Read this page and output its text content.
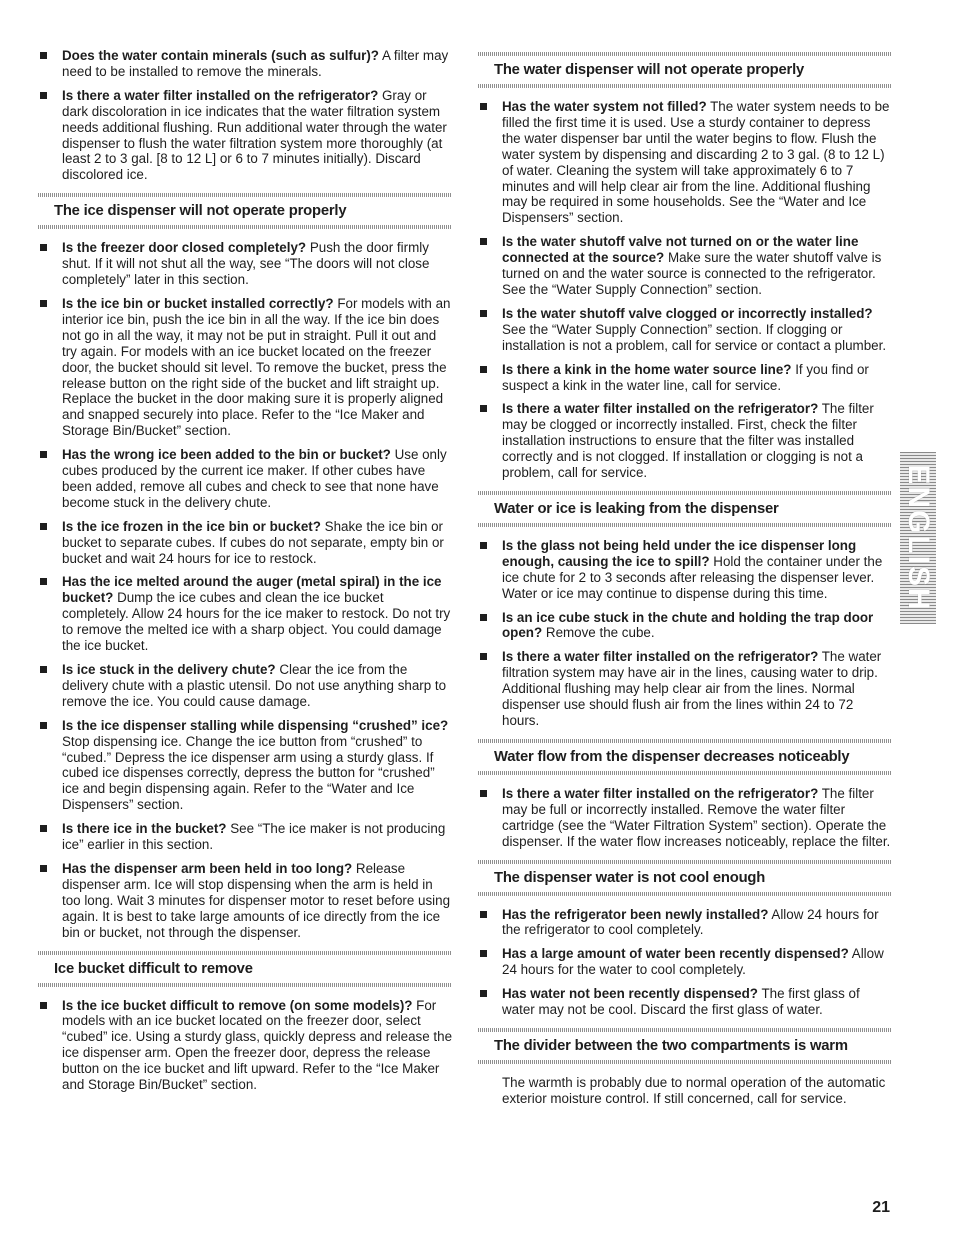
Does the water contain minerals (such as sulfur)? A filter may need to be installed to remove the minerals.
Is there a water filter installed on the refrigerator? Gray or dark discoloration in ice indicates that the water filtration system needs additional flushing. Run additional water through the water dispenser to flush the water filtration system more thoroughly (at least 2 to 3 gal. [8 to 12 L] or 6 to 7 minutes initially). Discard discolored ice.
The ice dispenser will not operate properly
Is the freezer door closed completely? Push the door firmly shut. If it will not shut all the way, see “The doors will not close completely” later in this section.
Is the ice bin or bucket installed correctly? For models with an interior ice bin, push the ice bin in all the way. If the ice bin does not go in all the way, it may not be put in straight. Pull it out and try again. For models with an ice bucket located on the freezer door, the bucket should sit level. To remove the bucket, press the release button on the right side of the bucket and lift straight up. Replace the bucket in the door making sure it is properly aligned and snapped securely into place. Refer to the “Ice Maker and Storage Bin/Bucket” section.
Has the wrong ice been added to the bin or bucket? Use only cubes produced by the current ice maker. If other cubes have been added, remove all cubes and check to see that none have become stuck in the delivery chute.
Is the ice frozen in the ice bin or bucket? Shake the ice bin or bucket to separate cubes. If cubes do not separate, empty bin or bucket and wait 24 hours for ice to restock.
Has the ice melted around the auger (metal spiral) in the ice bucket? Dump the ice cubes and clean the ice bucket completely. Allow 24 hours for the ice maker to restock. Do not try to remove the melted ice with a sharp object. You could damage the ice bucket.
Is ice stuck in the delivery chute? Clear the ice from the delivery chute with a plastic utensil. Do not use anything sharp to remove the ice. You could cause damage.
Is the ice dispenser stalling while dispensing “crushed” ice? Stop dispensing ice. Change the ice button from “crushed” to “cubed.” Depress the ice dispenser arm using a sturdy glass. If cubed ice dispenses correctly, depress the button for “crushed” ice and begin dispensing again. Refer to the “Water and Ice Dispensers” section.
Is there ice in the bucket? See “The ice maker is not producing ice” earlier in this section.
Has the dispenser arm been held in too long? Release dispenser arm. Ice will stop dispensing when the arm is held in too long. Wait 3 minutes for dispenser motor to reset before using again. It is best to take large amounts of ice directly from the ice bin or bucket, not through the dispenser.
Ice bucket difficult to remove
Is the ice bucket difficult to remove (on some models)? For models with an ice bucket located on the freezer door, select “cubed” ice. Using a sturdy glass, quickly depress and release the ice dispenser arm. Open the freezer door, depress the release button on the ice bucket and lift upward. Refer to the “Ice Maker and Storage Bin/Bucket” section.
The water dispenser will not operate properly
Has the water system not filled? The water system needs to be filled the first time it is used. Use a sturdy container to depress the water dispenser bar until the water begins to flow. Flush the water system by dispensing and discarding 2 to 3 gal. (8 to 12 L) of water. Cleaning the system will take approximately 6 to 7 minutes and will help clear air from the line. Additional flushing may be required in some households. See the “Water and Ice Dispensers” section.
Is the water shutoff valve not turned on or the water line connected at the source? Make sure the water shutoff valve is turned on and the water source is connected to the refrigerator. See the “Water Supply Connection” section.
Is the water shutoff valve clogged or incorrectly installed? See the “Water Supply Connection” section. If clogging or installation is not a problem, call for service or contact a plumber.
Is there a kink in the home water source line? If you find or suspect a kink in the water line, call for service.
Is there a water filter installed on the refrigerator? The filter may be clogged or incorrectly installed. First, check the filter installation instructions to ensure that the filter was installed correctly and is not clogged. If installation or clogging is not a problem, call for service.
Water or ice is leaking from the dispenser
Is the glass not being held under the ice dispenser long enough, causing the ice to spill? Hold the container under the ice chute for 2 to 3 seconds after releasing the dispenser lever. Water or ice may continue to dispense during this time.
Is an ice cube stuck in the chute and holding the trap door open? Remove the cube.
Is there a water filter installed on the refrigerator? The water filtration system may have air in the lines, causing water to drip. Additional flushing may help clear air from the lines. Normal dispenser use should flush air from the lines within 24 to 72 hours.
Water flow from the dispenser decreases noticeably
Is there a water filter installed on the refrigerator? The filter may be full or incorrectly installed. Remove the water filter cartridge (see the “Water Filtration System” section). Operate the dispenser. If the water flow increases noticeably, replace the filter.
The dispenser water is not cool enough
Has the refrigerator been newly installed? Allow 24 hours for the refrigerator to cool completely.
Has a large amount of water been recently dispensed? Allow 24 hours for the water to cool completely.
Has water not been recently dispensed? The first glass of water may not be cool. Discard the first glass of water.
The divider between the two compartments is warm
The warmth is probably due to normal operation of the automatic exterior moisture control. If still concerned, call for service.
ENGLISH
21
